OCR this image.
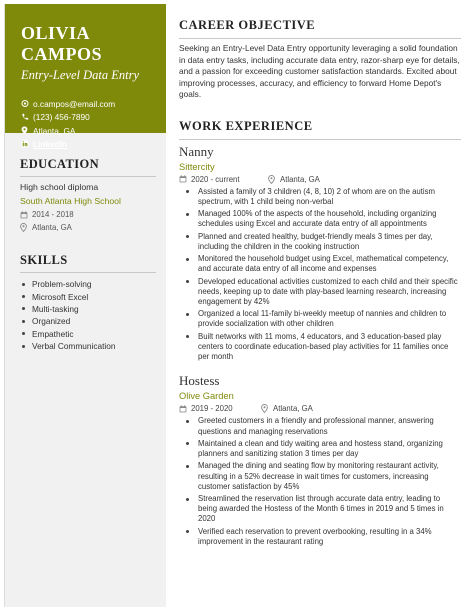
OLIVIA CAMPOS
Entry-Level Data Entry
o.campos@email.com
(123) 456-7890
Atlanta, GA
LinkedIn
EDUCATION
High school diploma
South Atlanta High School
2014 - 2018
Atlanta, GA
SKILLS
Problem-solving
Microsoft Excel
Multi-tasking
Organized
Empathetic
Verbal Communication
CAREER OBJECTIVE

Seeking an Entry-Level Data Entry opportunity leveraging a solid foundation in data entry tasks, including accurate data entry, razor-sharp eye for details, and a passion for exceeding customer satisfaction standards. Excited about improving processes, accuracy, and efficiency to forward Home Depot's goals.

WORK EXPERIENCE
Nanny
Sittercity
2020 - current	Atlanta, GA
Assisted a family of 3 children (4, 8, 10) 2 of whom are on the autism spectrum, with 1 child being non-verbal
Managed 100% of the aspects of the household, including organizing schedules using Excel and accurate data entry of all appointments
Planned and created healthy, budget-friendly meals 3 times per day, including the children in the cooking instruction
Monitored the household budget using Excel, mathematical competency, and accurate data entry of all income and expenses
Developed educational activities customized to each child and their specific needs, keeping up to date with play-based learning research, increasing engagement by 42%
Organized a local 11-family bi-weekly meetup of nannies and children to provide socialization with other children
Built networks with 11 moms, 4 educators, and 3 education-based play centers to coordinate education-based play activities for 11 families once per month
Hostess
Olive Garden
2019 - 2020	Atlanta, GA
Greeted customers in a friendly and professional manner, answering questions and managing reservations
Maintained a clean and tidy waiting area and hostess stand, organizing planners and sanitizing station 3 times per day
Managed the dining and seating flow by monitoring restaurant activity, resulting in a 52% decrease in wait times for customers, increasing customer satisfaction by 45%
Streamlined the reservation list through accurate data entry, leading to being awarded the Hostess of the Month 6 times in 2019 and 5 times in 2020
Verified each reservation to prevent overbooking, resulting in a 34% improvement in the restaurant rating
